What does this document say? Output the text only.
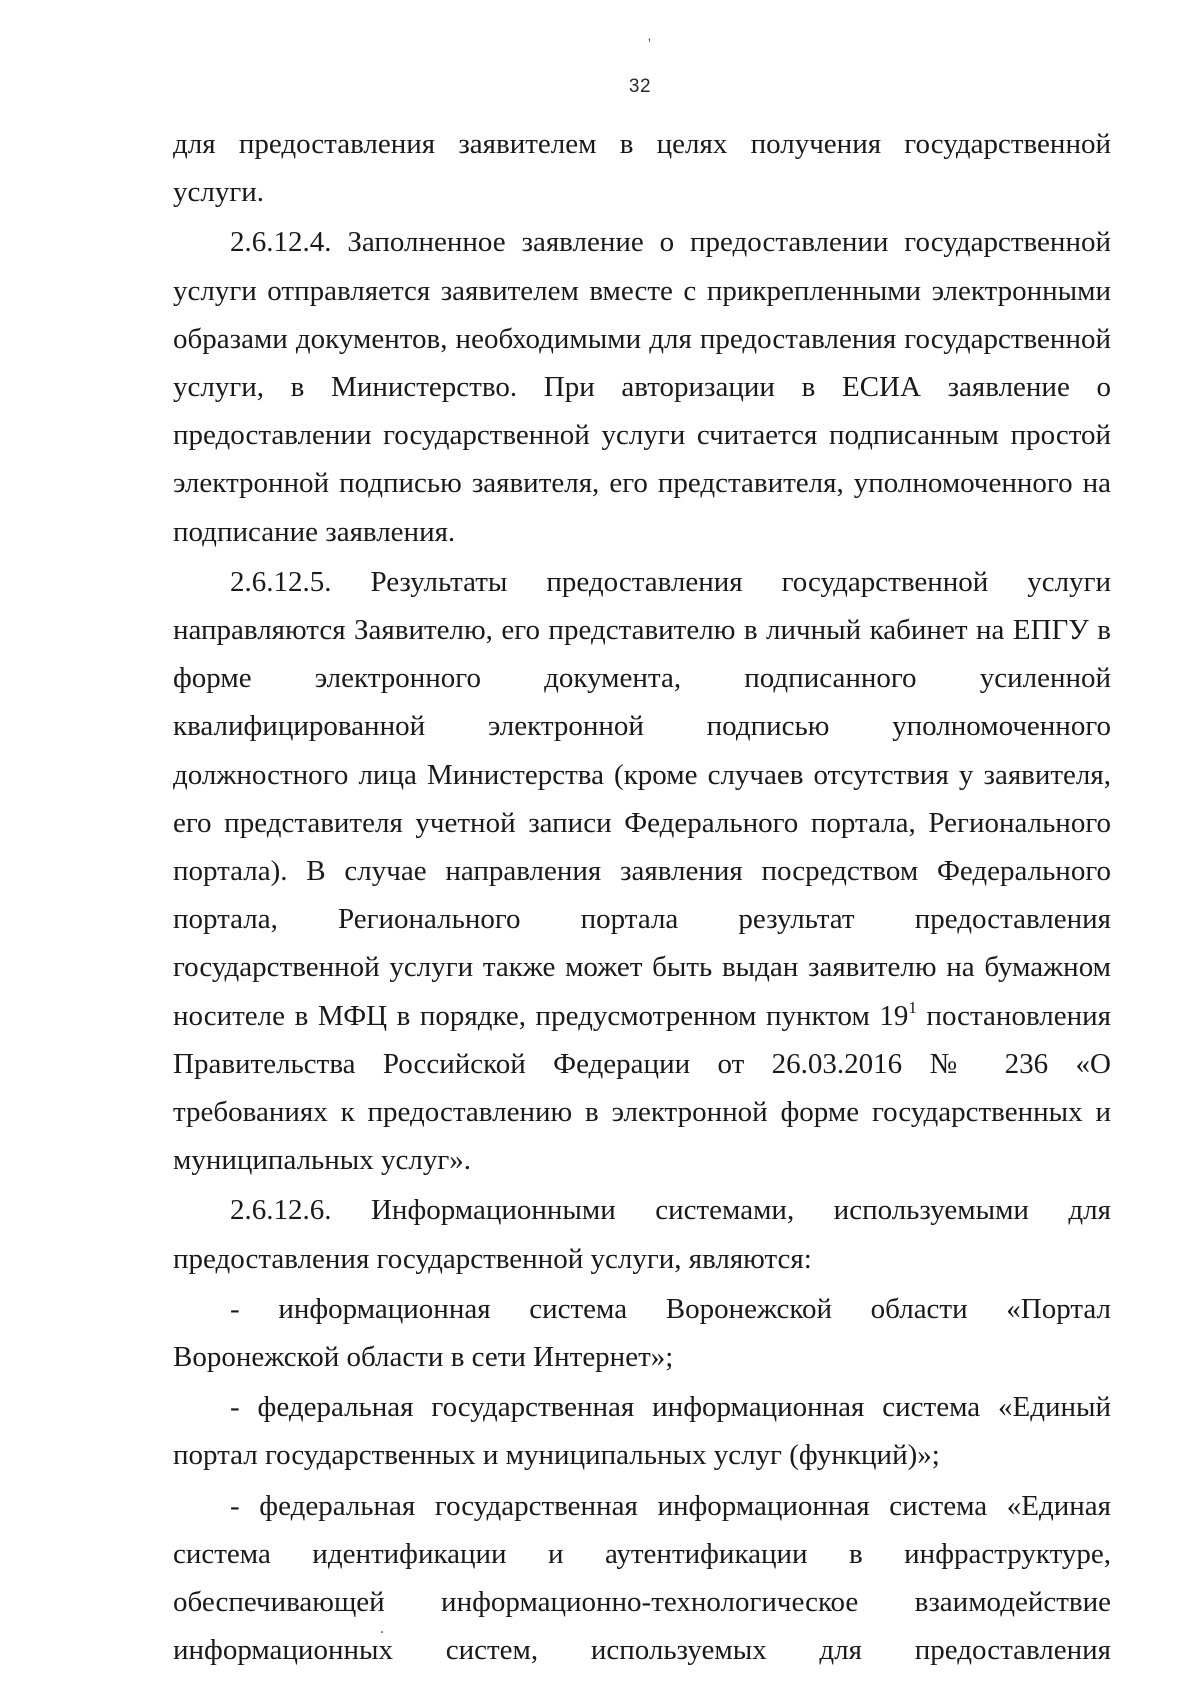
'
32

для предоставления заявителем в целях получения государственной услуги.

2.6.12.4. Заполненное заявление о предоставлении государственной услуги отправляется заявителем вместе с прикрепленными электронными образами документов, необходимыми для предоставления государственной услуги, в Министерство. При авторизации в ЕСИА заявление о предоставлении государственной услуги считается подписанным простой электронной подписью заявителя, его представителя, уполномоченного на подписание заявления.

2.6.12.5. Результаты предоставления государственной услуги направляются Заявителю, его представителю в личный кабинет на ЕПГУ в форме электронного документа, подписанного усиленной квалифицированной электронной подписью уполномоченного должностного лица Министерства (кроме случаев отсутствия у заявителя, его представителя учетной записи Федерального портала, Регионального портала). В случае направления заявления посредством Федерального портала, Регионального портала результат предоставления государственной услуги также может быть выдан заявителю на бумажном носителе в МФЦ в порядке, предусмотренном пунктом $19^1$ постановления Правительства Российской Федерации от 26.03.2016 № 236 «О требованиях к предоставлению в электронной форме государственных и муниципальных услуг».

2.6.12.6. Информационными системами, используемыми для предоставления государственной услуги, являются:

- информационная система Воронежской области «Портал Воронежской области в сети Интернет»;

- федеральная государственная информационная система «Единый портал государственных и муниципальных услуг (функций)»;

- федеральная государственная информационная система «Единая система идентификации и аутентификации в инфраструктуре, обеспечивающей информационно-технологическое взаимодействие информационных систем, используемых для предоставления

.
